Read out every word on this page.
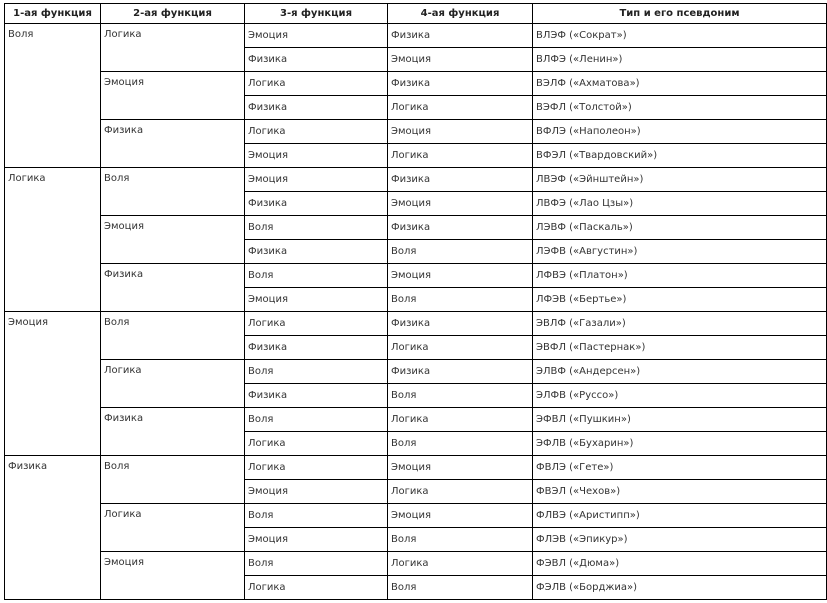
1-ая функция	2-ая функция	3-я функция	4-ая функция	Тип и его псевдоним
Воля	Логика	Эмоция	Физика	ВЛЭФ («Сократ»)
		Физика	Эмоция	ВЛФЭ («Ленин»)
	Эмоция	Логика	Физика	ВЭЛФ («Ахматова»)
		Физика	Логика	ВЭФЛ («Толстой»)
	Физика	Логика	Эмоция	ВФЛЭ («Наполеон»)
		Эмоция	Логика	ВФЭЛ («Твардовский»)
Логика	Воля	Эмоция	Физика	ЛВЭФ («Эйнштейн»)
		Физика	Эмоция	ЛВФЭ («Лао Цзы»)
	Эмоция	Воля	Физика	ЛЭВФ («Паскаль»)
		Физика	Воля	ЛЭФВ («Августин»)
	Физика	Воля	Эмоция	ЛФВЭ («Платон»)
		Эмоция	Воля	ЛФЭВ («Бертье»)
Эмоция	Воля	Логика	Физика	ЭВЛФ («Газали»)
		Физика	Логика	ЭВФЛ («Пастернак»)
	Логика	Воля	Физика	ЭЛВФ («Андерсен»)
		Физика	Воля	ЭЛФВ («Руссо»)
	Физика	Воля	Логика	ЭФВЛ («Пушкин»)
		Логика	Воля	ЭФЛВ («Бухарин»)
Физика	Воля	Логика	Эмоция	ФВЛЭ («Гете»)
		Эмоция	Логика	ФВЭЛ («Чехов»)
	Логика	Воля	Эмоция	ФЛВЭ («Аристипп»)
		Эмоция	Воля	ФЛЭВ («Эпикур»)
	Эмоция	Воля	Логика	ФЭВЛ («Дюма»)
		Логика	Воля	ФЭЛВ («Борджиа»)
